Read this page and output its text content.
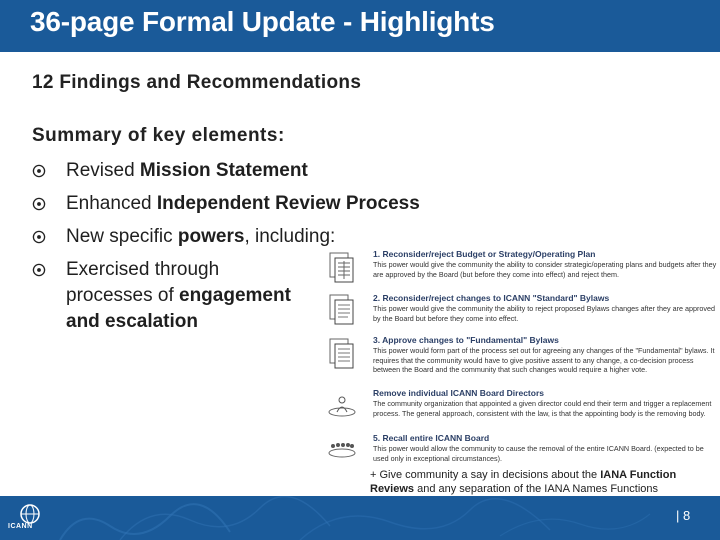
36-page Formal Update - Highlights
12 Findings and Recommendations
Summary of key elements:
Revised Mission Statement
Enhanced Independent Review Process
New specific powers, including:
Exercised through
processes of engagement
and escalation
1. Reconsider/reject Budget or Strategy/Operating Plan
This power would give the community the ability to consider strategic/operating plans and budgets after they are approved by the Board (but before they come into effect) and reject them.
2. Reconsider/reject changes to ICANN "Standard" Bylaws
This power would give the community the ability to reject proposed Bylaws changes after they are approved by the Board but before they come into effect.
3. Approve changes to "Fundamental" Bylaws
This power would form part of the process set out for agreeing any changes of the "Fundamental" bylaws. It requires that the community would have to give positive assent to any change, a co-decision process between the Board and the community that such changes would require a higher vote.
Remove individual ICANN Board Directors
The community organization that appointed a given director could end their term and trigger a replacement process. The general approach, consistent with the law, is that the appointing body is the removing body.
5. Recall entire ICANN Board
This power would allow the community to cause the removal of the entire ICANN Board. (expected to be used only in exceptional circumstances).
+ Give community a say in decisions about the IANA Function Reviews and any separation of the IANA Names Functions
ICANN
| 8
